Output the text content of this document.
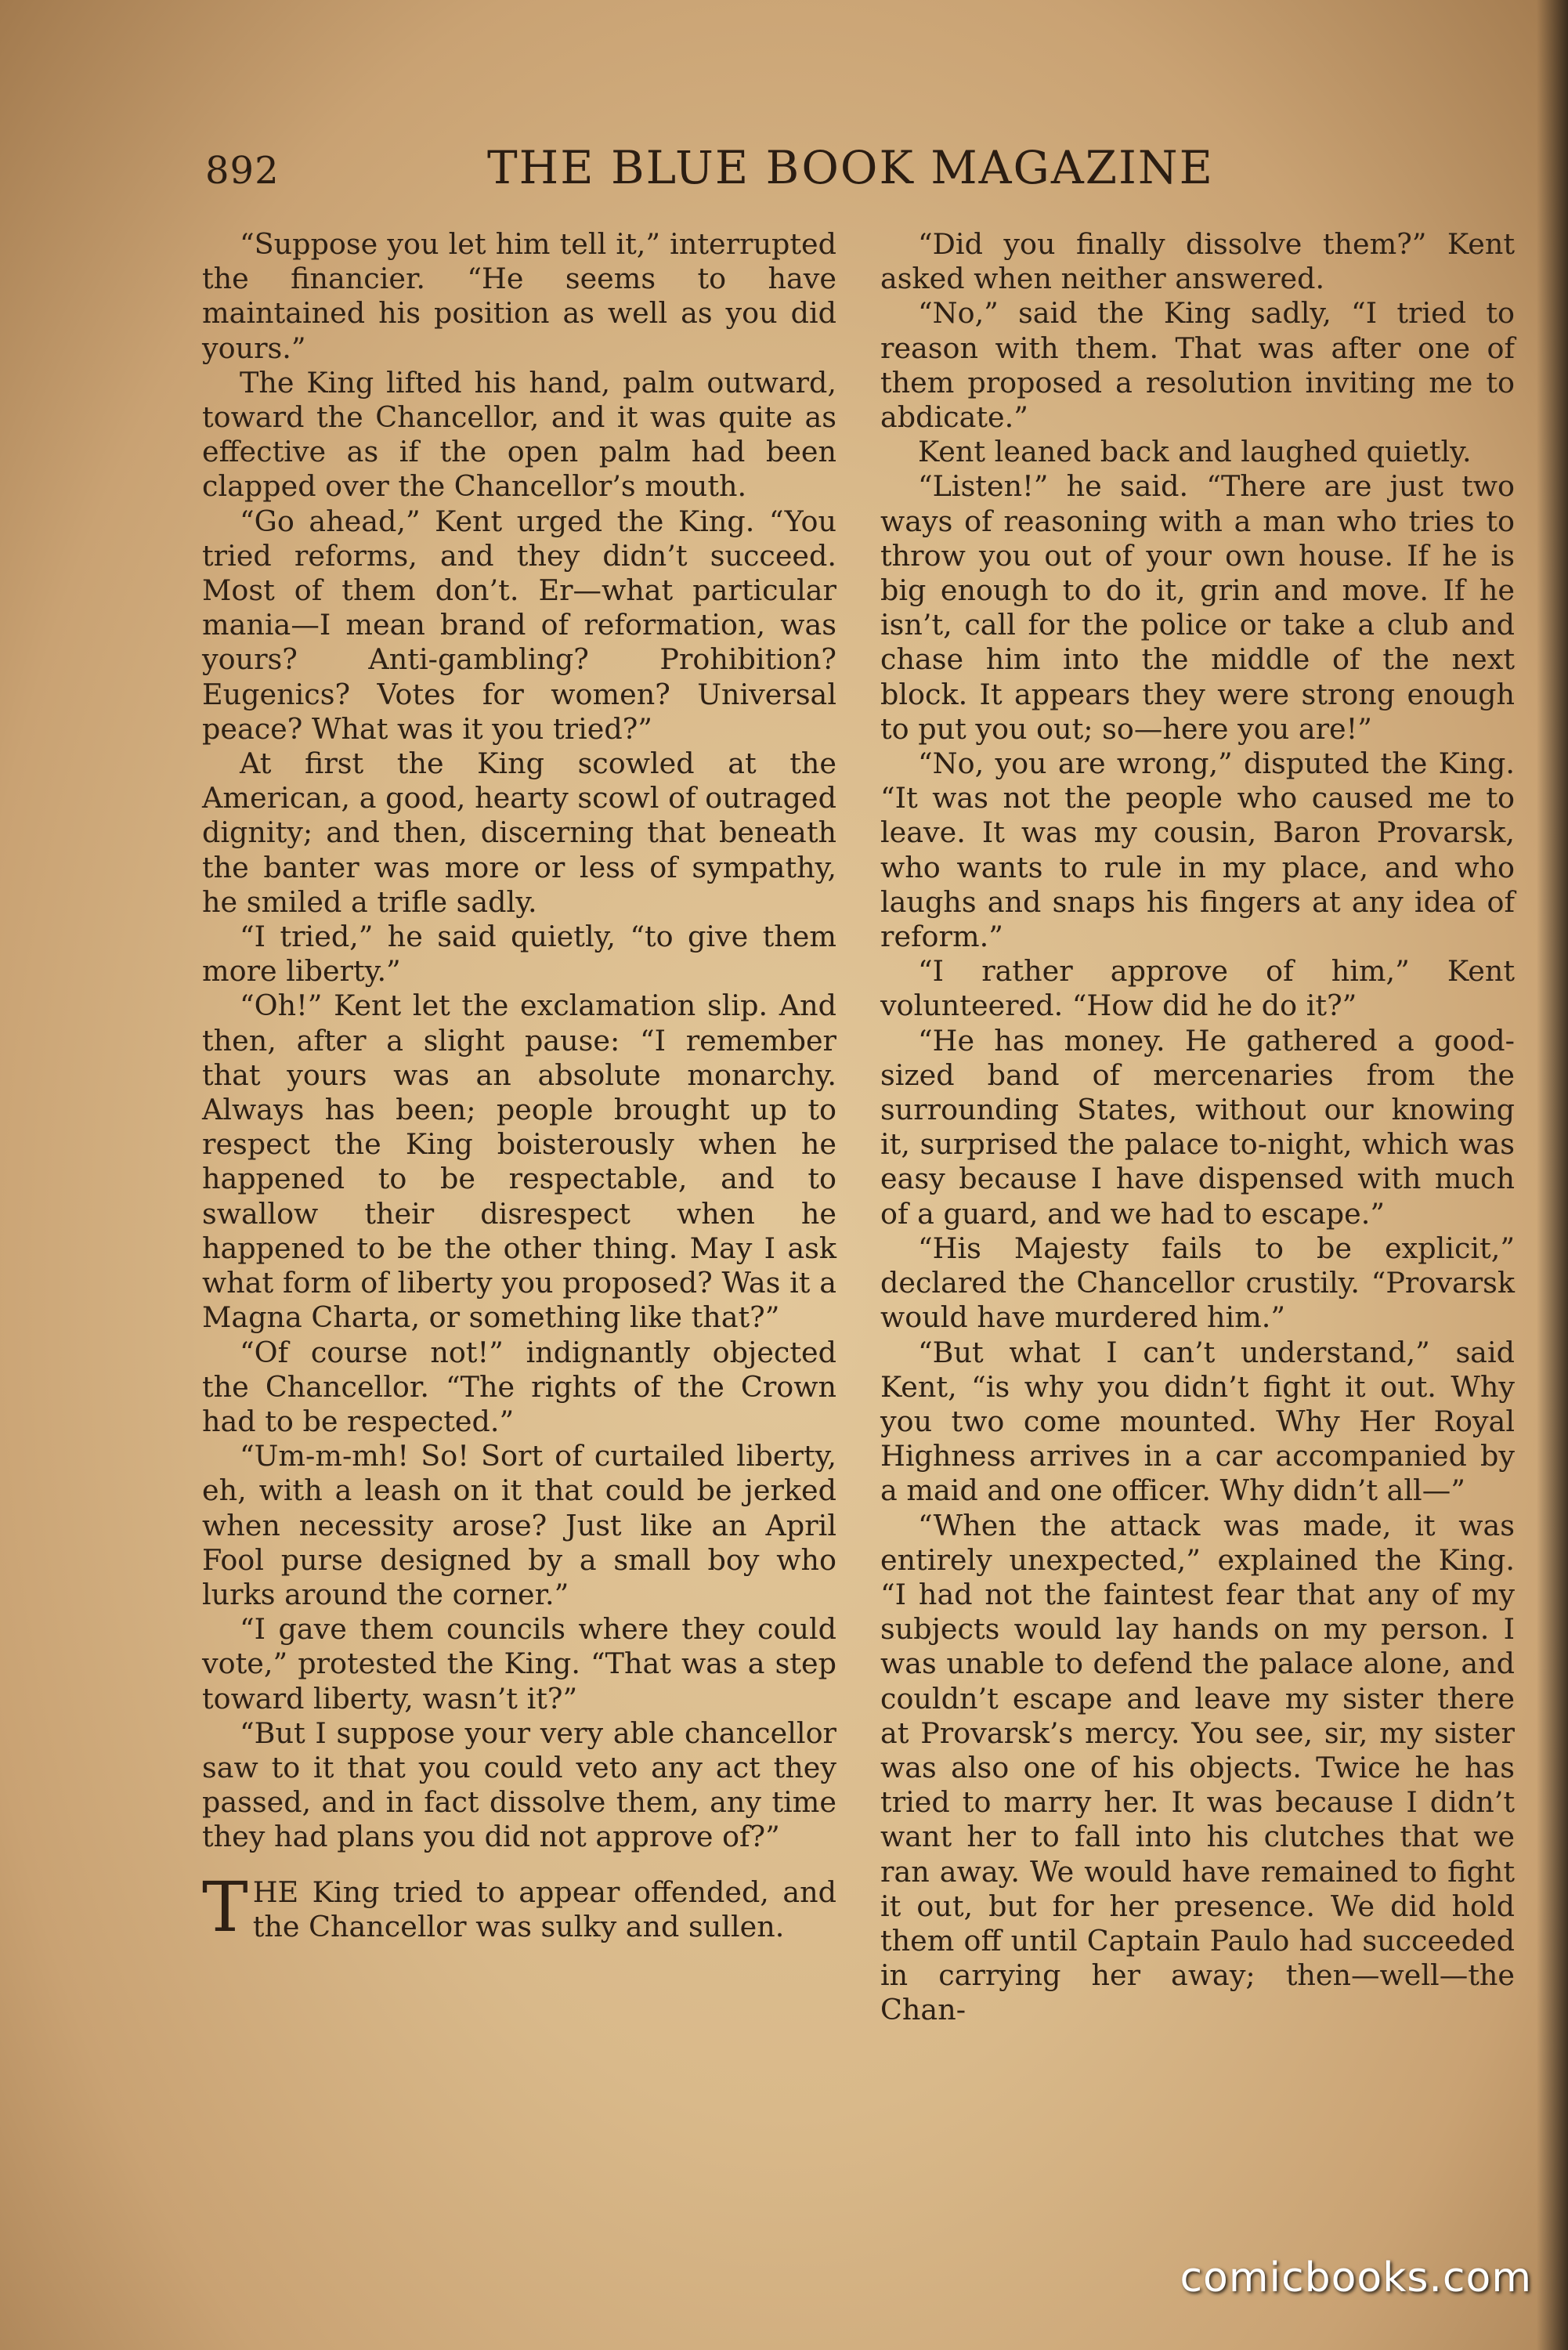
892	THE BLUE BOOK MAGAZINE

“Suppose you let him tell it,” interrupted the financier. “He seems to have maintained his position as well as you did yours.”

The King lifted his hand, palm outward, toward the Chancellor, and it was quite as effective as if the open palm had been clapped over the Chancellor’s mouth.

“Go ahead,” Kent urged the King. “You tried reforms, and they didn’t succeed. Most of them don’t. Er—what particular mania—I mean brand of reformation, was yours? Anti-gambling? Prohibition? Eugenics? Votes for women? Universal peace? What was it you tried?”

At first the King scowled at the American, a good, hearty scowl of outraged dignity; and then, discerning that beneath the banter was more or less of sympathy, he smiled a trifle sadly.

“I tried,” he said quietly, “to give them more liberty.”

“Oh!” Kent let the exclamation slip. And then, after a slight pause: “I remember that yours was an absolute monarchy. Always has been; people brought up to respect the King boisterously when he happened to be respectable, and to swallow their disrespect when he happened to be the other thing. May I ask what form of liberty you proposed? Was it a Magna Charta, or something like that?”

“Of course not!” indignantly objected the Chancellor. “The rights of the Crown had to be respected.”

“Um-m-mh! So! Sort of curtailed liberty, eh, with a leash on it that could be jerked when necessity arose? Just like an April Fool purse designed by a small boy who lurks around the corner.”

“I gave them councils where they could vote,” protested the King. “That was a step toward liberty, wasn’t it?”

“But I suppose your very able chancellor saw to it that you could veto any act they passed, and in fact dissolve them, any time they had plans you did not approve of?”

THE King tried to appear offended, and the Chancellor was sulky and sullen.

“Did you finally dissolve them?” Kent asked when neither answered.

“No,” said the King sadly, “I tried to reason with them. That was after one of them proposed a resolution inviting me to abdicate.”

Kent leaned back and laughed quietly.

“Listen!” he said. “There are just two ways of reasoning with a man who tries to throw you out of your own house. If he is big enough to do it, grin and move. If he isn’t, call for the police or take a club and chase him into the middle of the next block. It appears they were strong enough to put you out; so—here you are!”

“No, you are wrong,” disputed the King. “It was not the people who caused me to leave. It was my cousin, Baron Provarsk, who wants to rule in my place, and who laughs and snaps his fingers at any idea of reform.”

“I rather approve of him,” Kent volunteered. “How did he do it?”

“He has money. He gathered a good-sized band of mercenaries from the surrounding States, without our knowing it, surprised the palace to-night, which was easy because I have dispensed with much of a guard, and we had to escape.”

“His Majesty fails to be explicit,” declared the Chancellor crustily. “Provarsk would have murdered him.”

“But what I can’t understand,” said Kent, “is why you didn’t fight it out. Why you two come mounted. Why Her Royal Highness arrives in a car accompanied by a maid and one officer. Why didn’t all—”

“When the attack was made, it was entirely unexpected,” explained the King. “I had not the faintest fear that any of my subjects would lay hands on my person. I was unable to defend the palace alone, and couldn’t escape and leave my sister there at Provarsk’s mercy. You see, sir, my sister was also one of his objects. Twice he has tried to marry her. It was because I didn’t want her to fall into his clutches that we ran away. We would have remained to fight it out, but for her presence. We did hold them off until Captain Paulo had succeeded in carrying her away; then—well—the Chan-

comicbooks.com
